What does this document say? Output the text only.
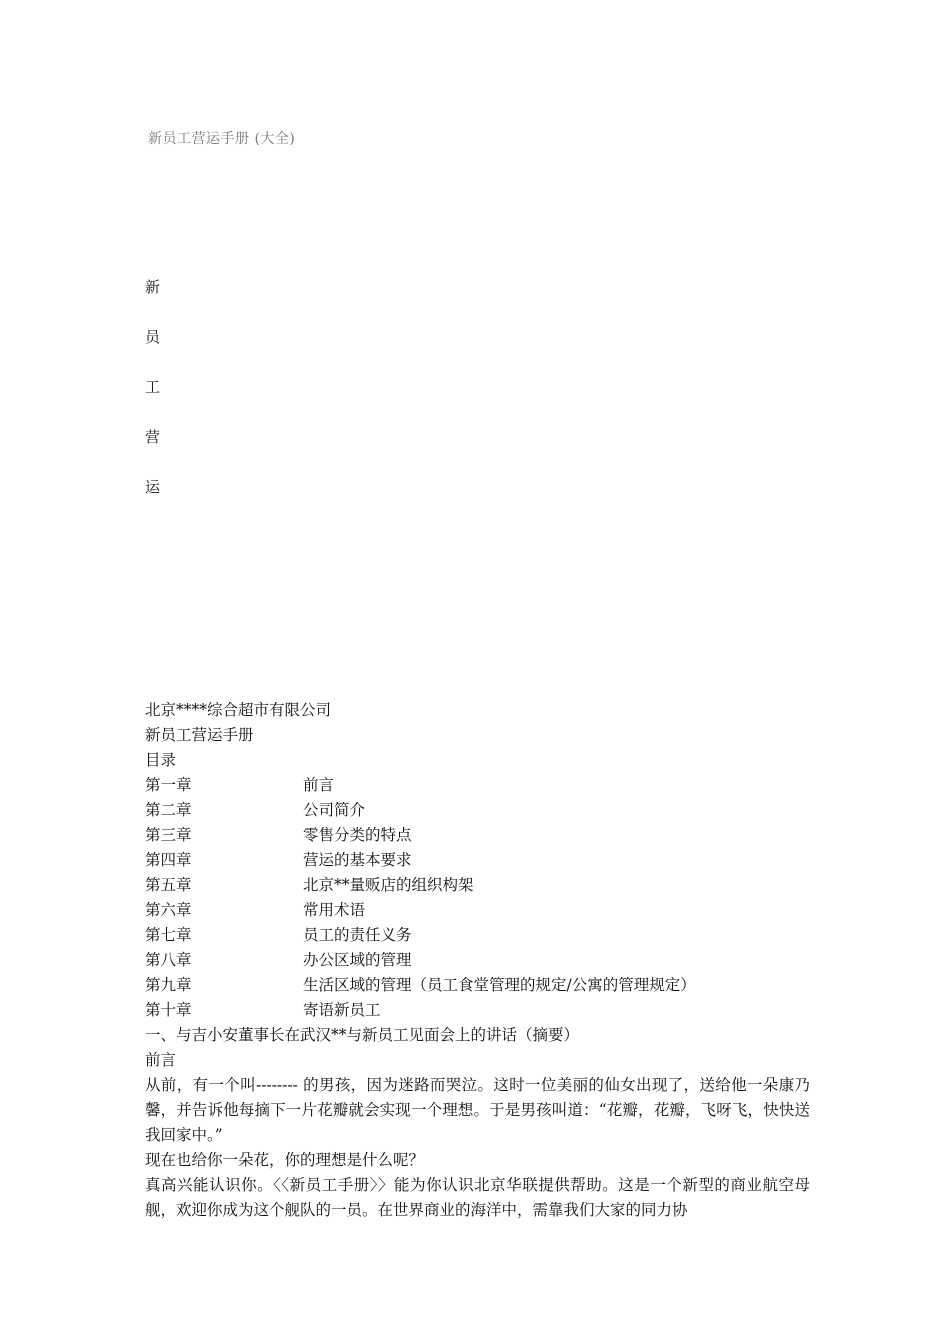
新员工营运手册 (大全)
新
员
工
营
运
北京****综合超市有限公司
新员工营运手册
目录
第一章	前言
第二章	公司简介
第三章	零售分类的特点
第四章	营运的基本要求
第五章	北京**量贩店的组织构架
第六章	常用术语
第七章	员工的责任义务
第八章	办公区域的管理
第九章	生活区域的管理（员工食堂管理的规定/公寓的管理规定）
第十章	寄语新员工
一、与吉小安董事长在武汉**与新员工见面会上的讲话（摘要）
前言
从前，有一个叫-------- 的男孩，因为迷路而哭泣。这时一位美丽的仙女出现了，送给他一朵康乃馨，并告诉他每摘下一片花瓣就会实现一个理想。于是男孩叫道：“花瓣，花瓣，飞呀飞，快快送我回家中。”
现在也给你一朵花，你的理想是什么呢？
真高兴能认识你。〈〈新员工手册〉〉能为你认识北京华联提供帮助。这是一个新型的商业航空母舰，欢迎你成为这个舰队的一员。在世界商业的海洋中，需靠我们大家的同力协
